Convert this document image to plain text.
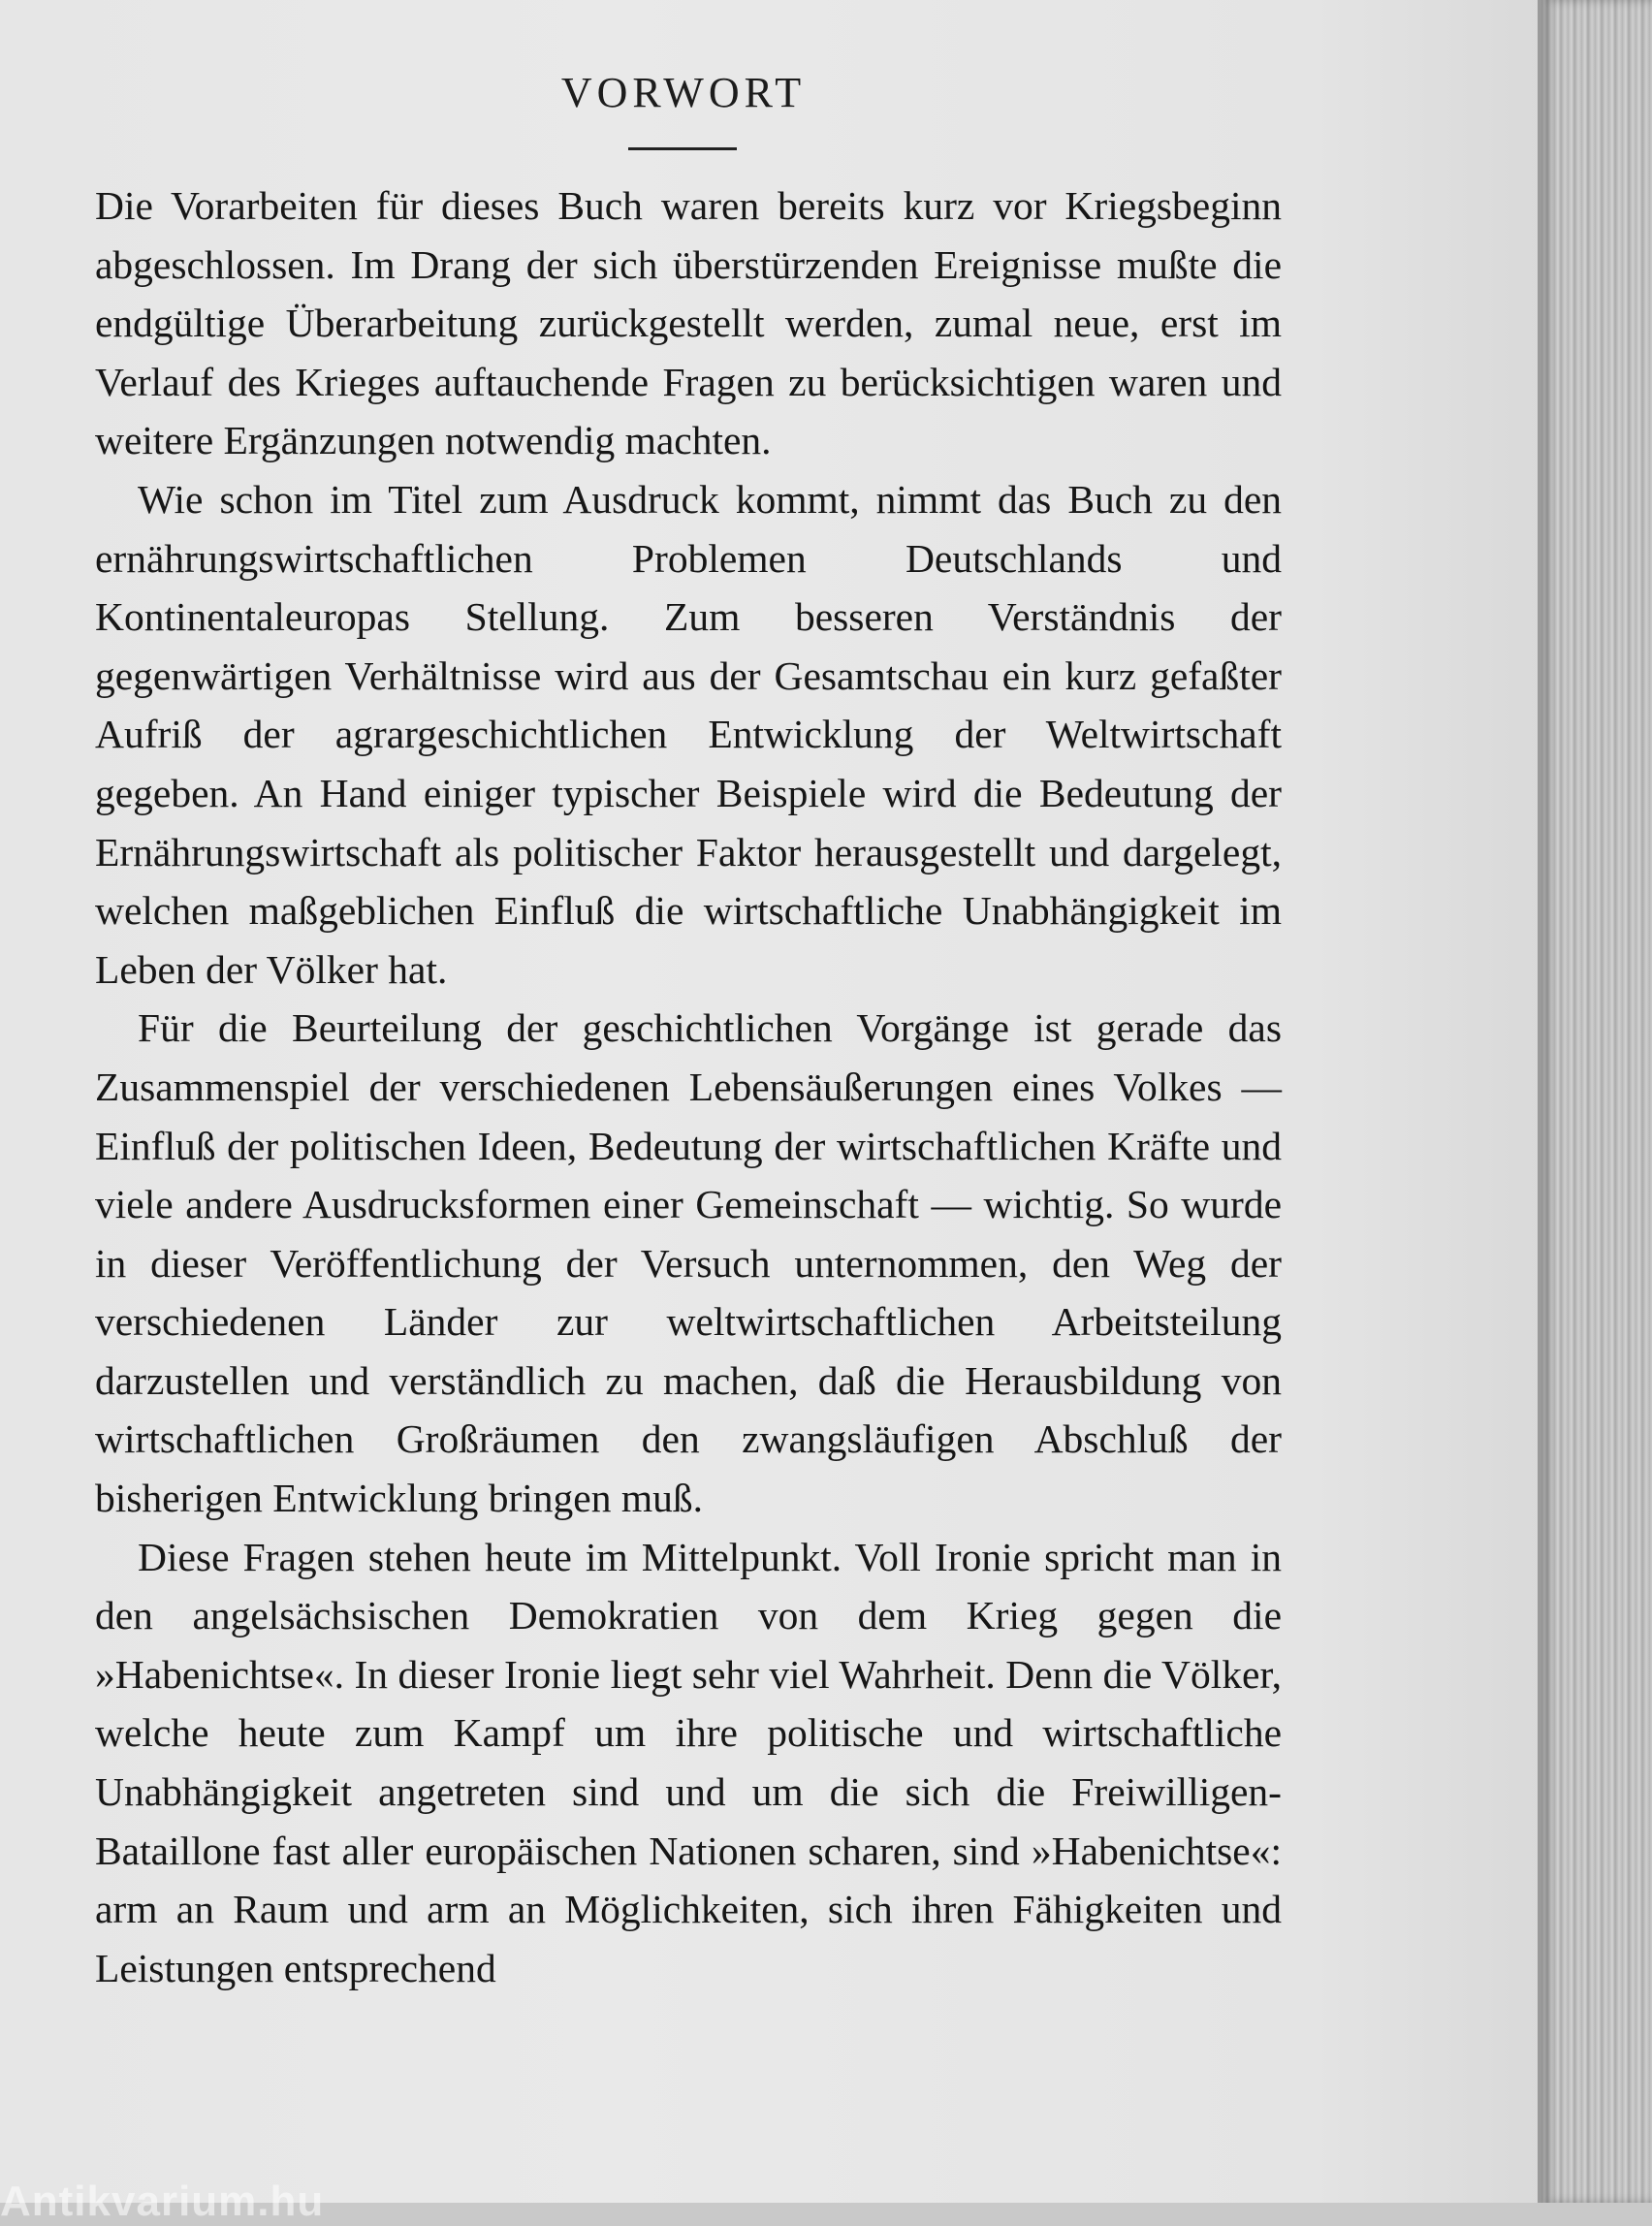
VORWORT

Die Vorarbeiten für dieses Buch waren bereits kurz vor Kriegsbeginn abgeschlossen. Im Drang der sich überstürzenden Ereignisse mußte die endgültige Überarbeitung zurückgestellt werden, zumal neue, erst im Verlauf des Krieges auftauchende Fragen zu berücksichtigen waren und weitere Ergänzungen notwendig machten.

Wie schon im Titel zum Ausdruck kommt, nimmt das Buch zu den ernährungswirtschaftlichen Problemen Deutschlands und Kontinentaleuropas Stellung. Zum besseren Verständnis der gegenwärtigen Verhältnisse wird aus der Gesamtschau ein kurz gefaßter Aufriß der agrargeschichtlichen Entwicklung der Weltwirtschaft gegeben. An Hand einiger typischer Beispiele wird die Bedeutung der Ernährungswirtschaft als politischer Faktor herausgestellt und dargelegt, welchen maßgeblichen Einfluß die wirtschaftliche Unabhängigkeit im Leben der Völker hat.

Für die Beurteilung der geschichtlichen Vorgänge ist gerade das Zusammenspiel der verschiedenen Lebensäußerungen eines Volkes — Einfluß der politischen Ideen, Bedeutung der wirtschaftlichen Kräfte und viele andere Ausdrucksformen einer Gemeinschaft — wichtig. So wurde in dieser Veröffentlichung der Versuch unternommen, den Weg der verschiedenen Länder zur weltwirtschaftlichen Arbeitsteilung darzustellen und verständlich zu machen, daß die Herausbildung von wirtschaftlichen Großräumen den zwangsläufigen Abschluß der bisherigen Entwicklung bringen muß.

Diese Fragen stehen heute im Mittelpunkt. Voll Ironie spricht man in den angelsächsischen Demokratien von dem Krieg gegen die »Habenichtse«. In dieser Ironie liegt sehr viel Wahrheit. Denn die Völker, welche heute zum Kampf um ihre politische und wirtschaftliche Unabhängigkeit angetreten sind und um die sich die Freiwilligen-Bataillone fast aller europäischen Nationen scharen, sind »Habenichtse«: arm an Raum und arm an Möglichkeiten, sich ihren Fähigkeiten und Leistungen entsprechend

Antikvarium.hu
